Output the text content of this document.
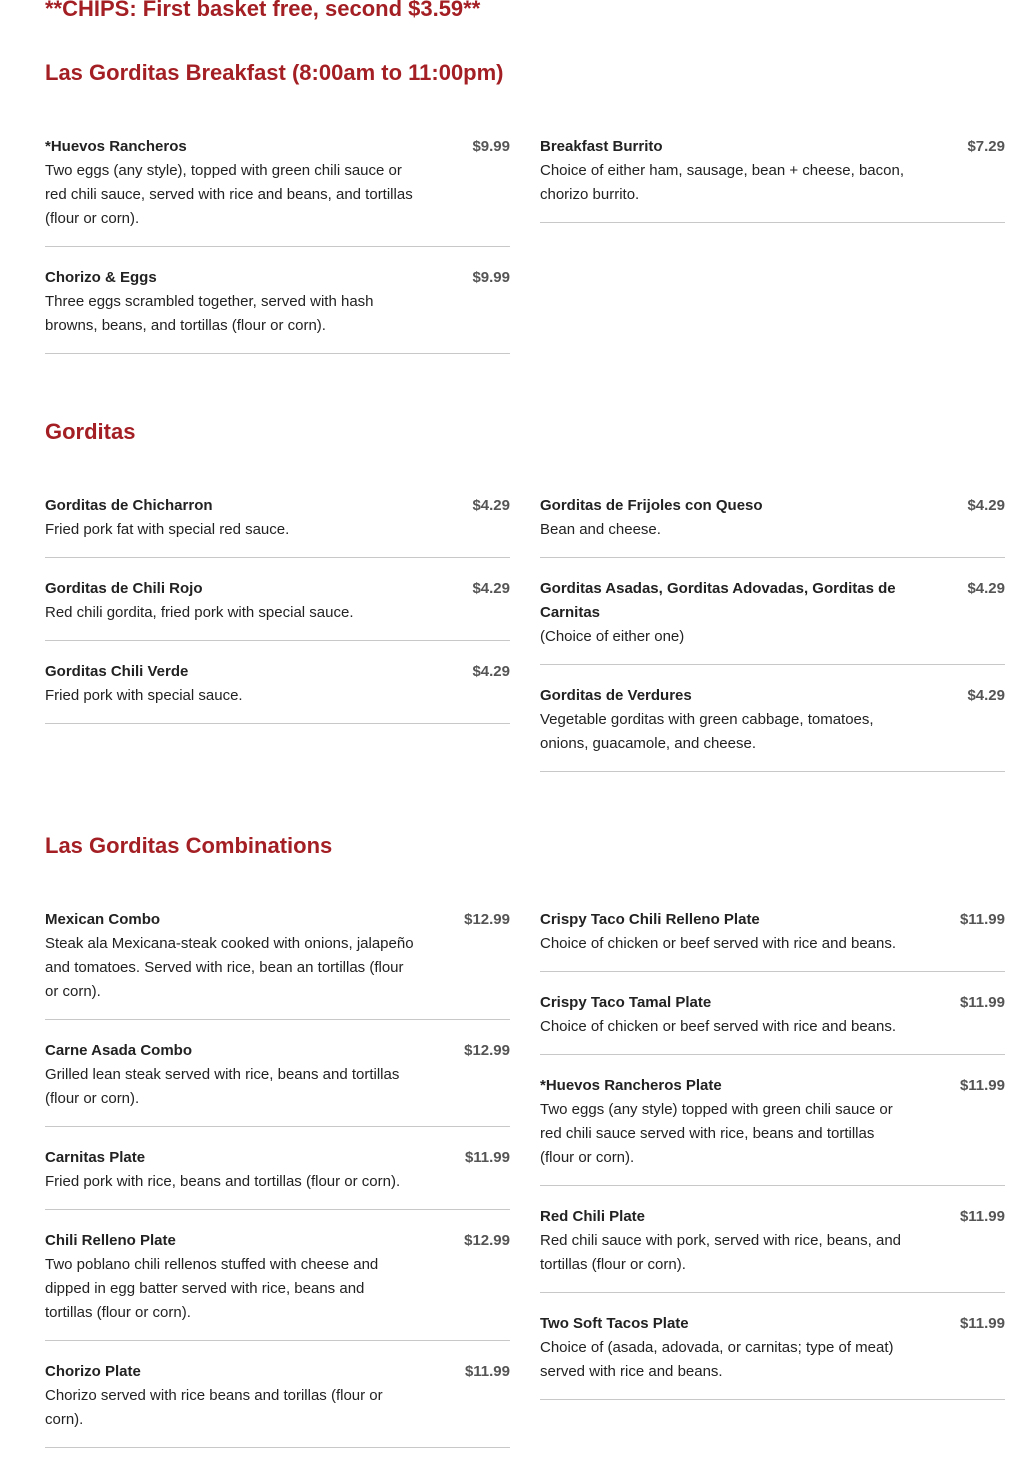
**CHIPS: First basket free, second $3.59**
Las Gorditas Breakfast (8:00am to 11:00pm)
*Huevos Rancheros	$9.99
Two eggs (any style), topped with green chili sauce or red chili sauce, served with rice and beans, and tortillas (flour or corn).
Chorizo & Eggs	$9.99
Three eggs scrambled together, served with hash browns, beans, and tortillas (flour or corn).
Breakfast Burrito	$7.29
Choice of either ham, sausage, bean + cheese, bacon, chorizo burrito.
Gorditas
Gorditas de Chicharron	$4.29
Fried pork fat with special red sauce.
Gorditas de Chili Rojo	$4.29
Red chili gordita, fried pork with special sauce.
Gorditas Chili Verde	$4.29
Fried pork with special sauce.
Gorditas de Frijoles con Queso	$4.29
Bean and cheese.
Gorditas Asadas, Gorditas Adovadas, Gorditas de Carnitas
$4.29
(Choice of either one)
Gorditas de Verdures	$4.29
Vegetable gorditas with green cabbage, tomatoes, onions, guacamole, and cheese.
Las Gorditas Combinations
Mexican Combo	$12.99
Steak ala Mexicana-steak cooked with onions, jalapeño and tomatoes. Served with rice, bean an tortillas (flour or corn).
Carne Asada Combo	$12.99
Grilled lean steak served with rice, beans and tortillas (flour or corn).
Carnitas Plate	$11.99
Fried pork with rice, beans and tortillas (flour or corn).
Chili Relleno Plate	$12.99
Two poblano chili rellenos stuffed with cheese and dipped in egg batter served with rice, beans and tortillas (flour or corn).
Chorizo Plate	$11.99
Chorizo served with rice beans and torillas (flour or corn).
Crispy Taco Chili Relleno Plate	$11.99
Choice of chicken or beef served with rice and beans.
Crispy Taco Tamal Plate	$11.99
Choice of chicken or beef served with rice and beans.
*Huevos Rancheros Plate	$11.99
Two eggs (any style) topped with green chili sauce or red chili sauce served with rice, beans and tortillas (flour or corn).
Red Chili Plate	$11.99
Red chili sauce with pork, served with rice, beans, and tortillas (flour or corn).
Two Soft Tacos Plate	$11.99
Choice of (asada, adovada, or carnitas; type of meat) served with rice and beans.
